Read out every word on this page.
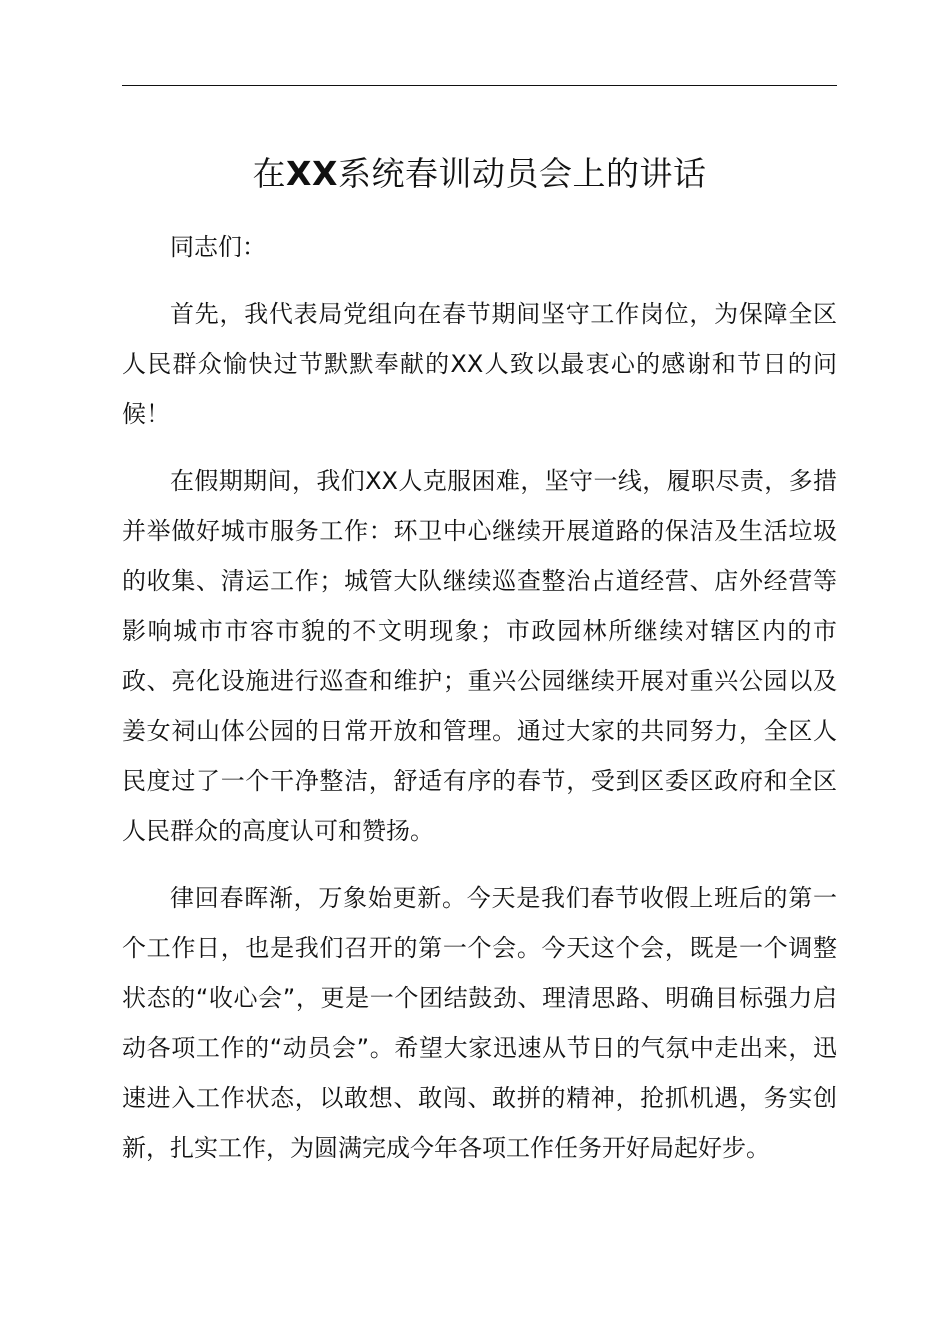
在XX系统春训动员会上的讲话

同志们：

首先，我代表局党组向在春节期间坚守工作岗位，为保障全区人民群众愉快过节默默奉献的XX人致以最衷心的感谢和节日的问候！

在假期期间，我们XX人克服困难，坚守一线，履职尽责，多措并举做好城市服务工作：环卫中心继续开展道路的保洁及生活垃圾的收集、清运工作；城管大队继续巡查整治占道经营、店外经营等影响城市市容市貌的不文明现象；市政园林所继续对辖区内的市政、亮化设施进行巡查和维护；重兴公园继续开展对重兴公园以及姜女祠山体公园的日常开放和管理。通过大家的共同努力，全区人民度过了一个干净整洁，舒适有序的春节，受到区委区政府和全区人民群众的高度认可和赞扬。

律回春晖渐，万象始更新。今天是我们春节收假上班后的第一个工作日，也是我们召开的第一个会。今天这个会，既是一个调整状态的“收心会”，更是一个团结鼓劲、理清思路、明确目标强力启动各项工作的“动员会”。希望大家迅速从节日的气氛中走出来，迅速进入工作状态，以敢想、敢闯、敢拼的精神，抢抓机遇，务实创新，扎实工作，为圆满完成今年各项工作任务开好局起好步。
